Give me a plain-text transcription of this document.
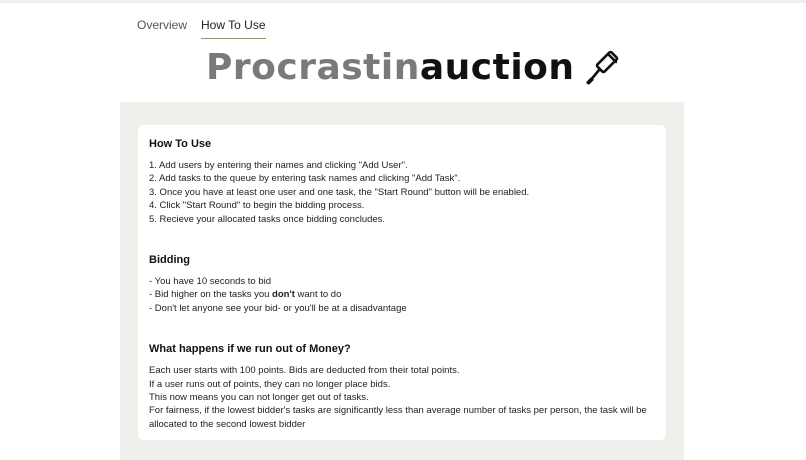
Overview How To Use
Procrastin auction
How To Use
1. Add users by entering their names and clicking "Add User".
2. Add tasks to the queue by entering task names and clicking "Add Task".
3. Once you have at least one user and one task, the "Start Round" button will be enabled.
4. Click "Start Round" to begin the bidding process.
5. Recieve your allocated tasks once bidding concludes.
Bidding
- You have 10 seconds to bid
- Bid higher on the tasks you don't want to do
- Don't let anyone see your bid- or you'll be at a disadvantage
What happens if we run out of Money?
Each user starts with 100 points. Bids are deducted from their total points.
If a user runs out of points, they can no longer place bids.
This now means you can not longer get out of tasks.
For fairness, if the lowest bidder's tasks are significantly less than average number of tasks per person, the task will be allocated to the second lowest bidder
